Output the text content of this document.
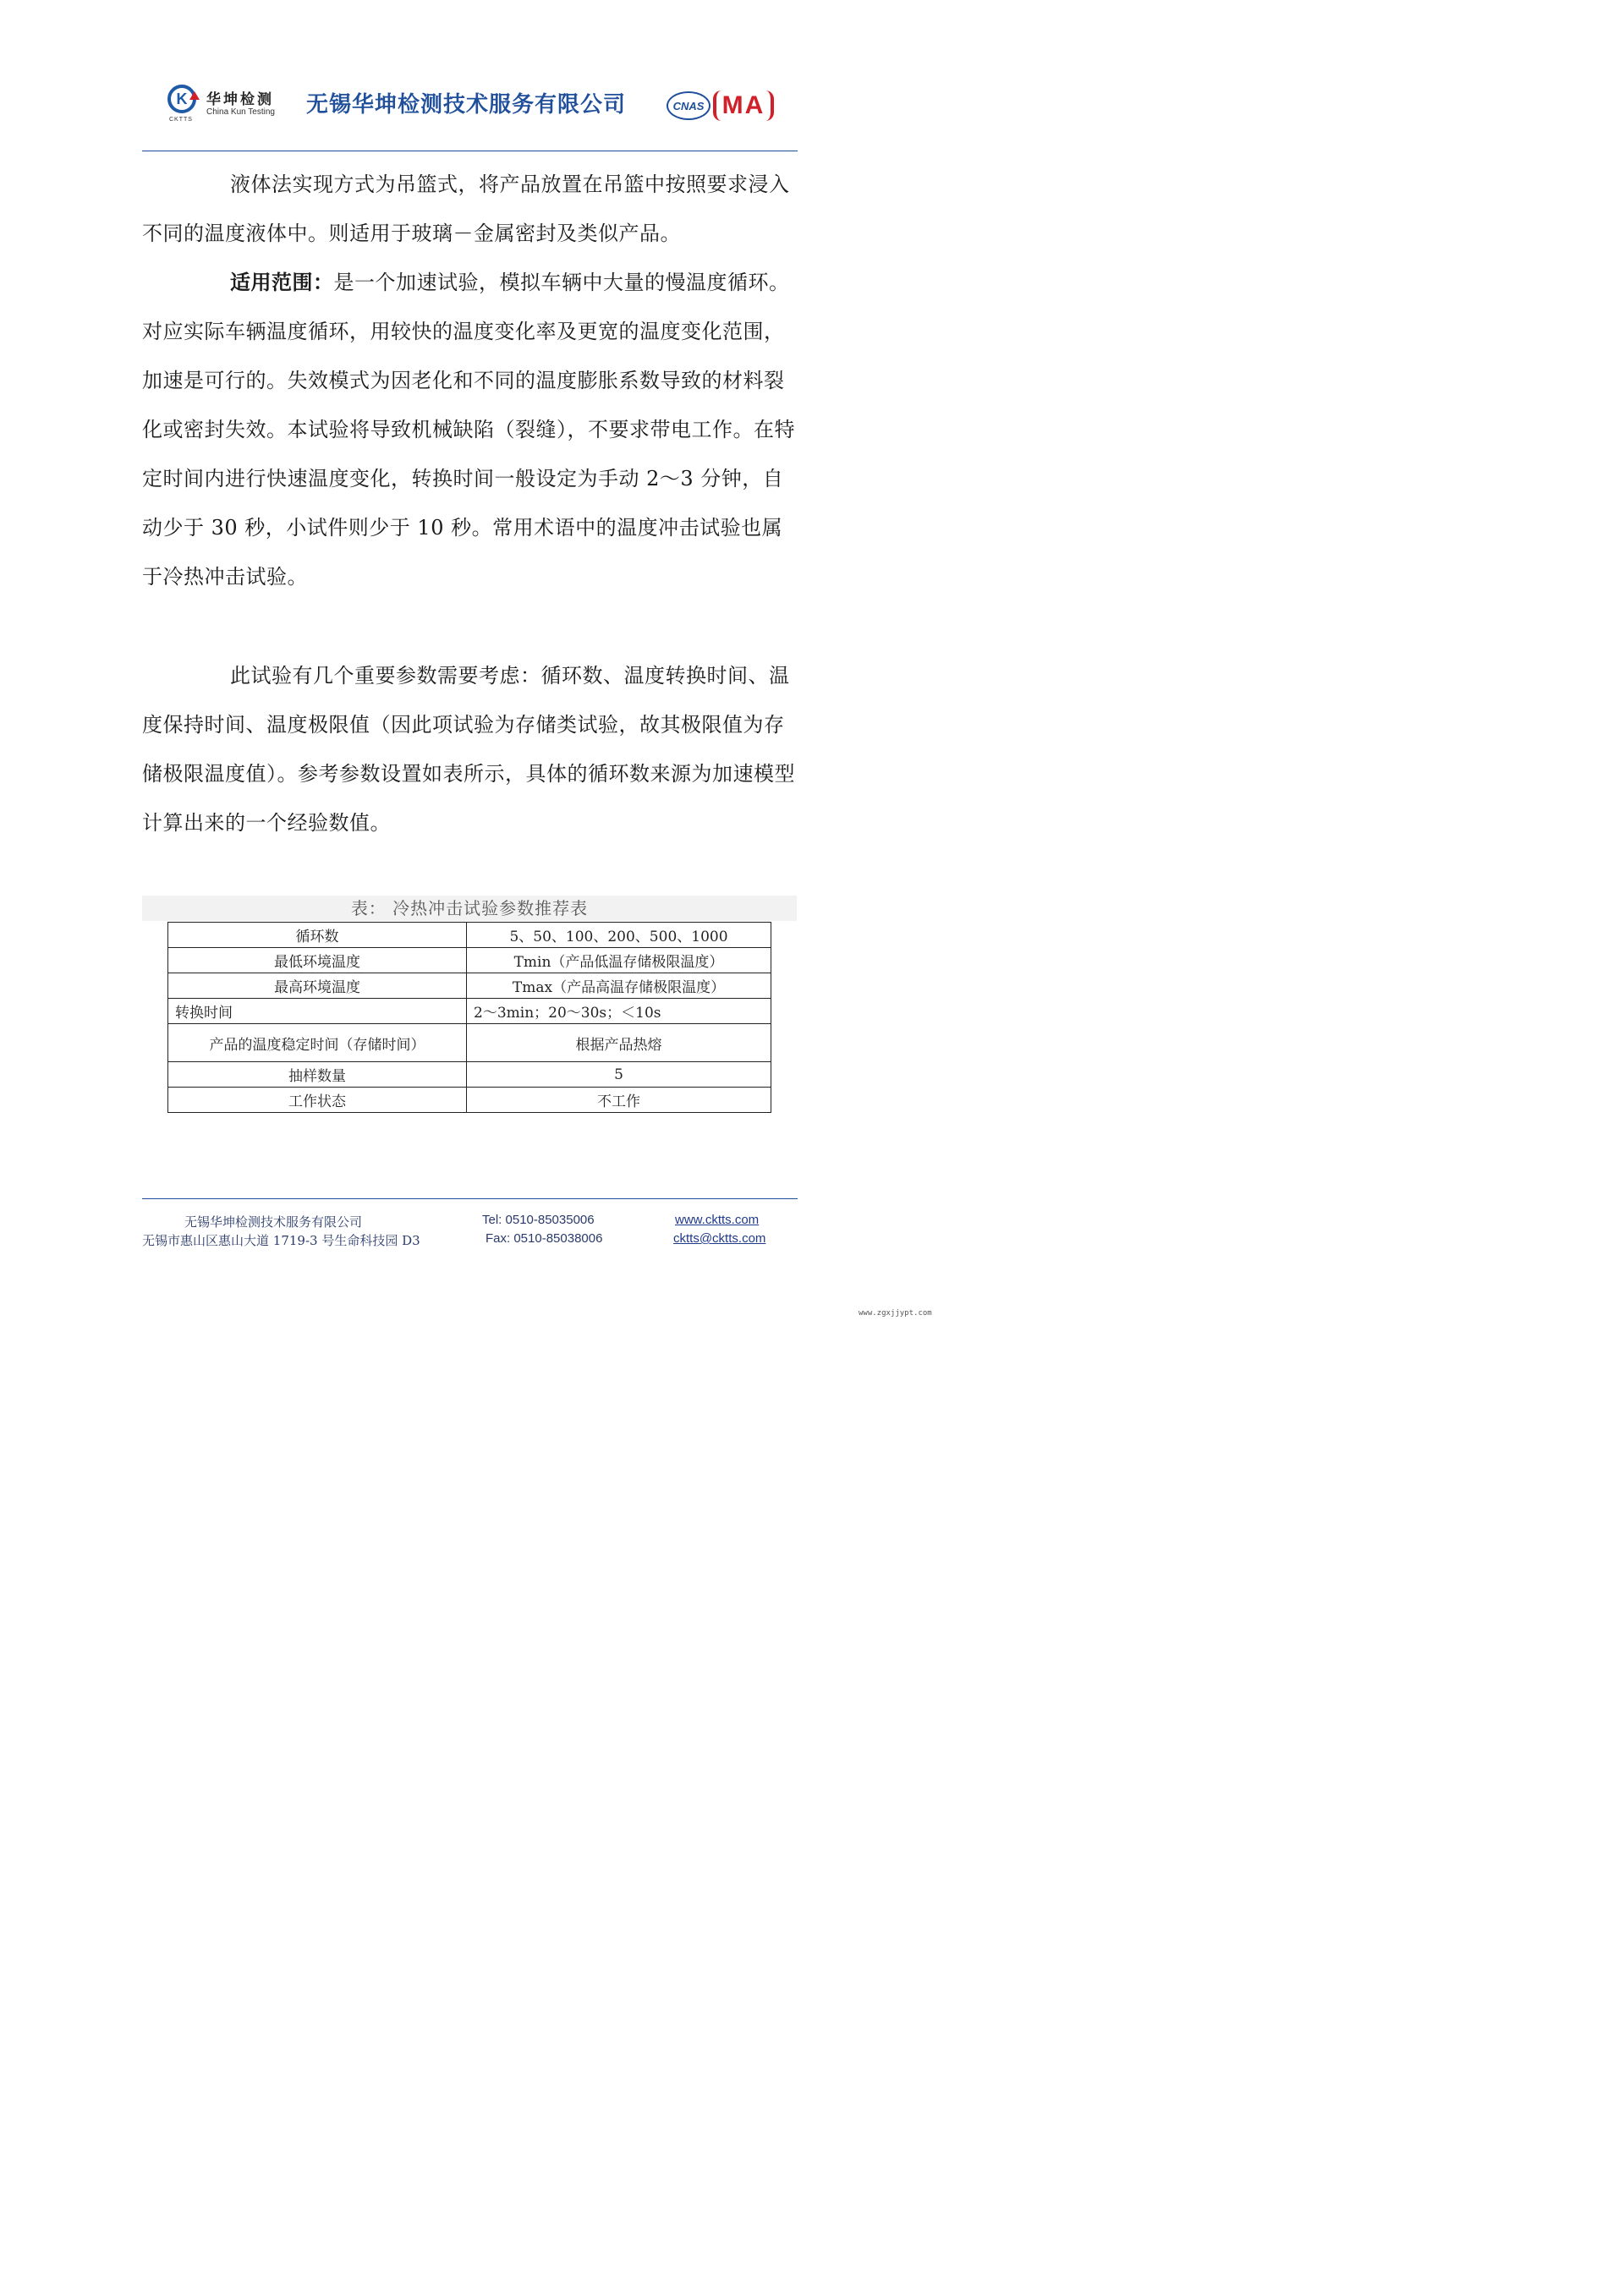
K 华坤检测
China Kun Testing
CKTTS
无锡华坤检测技术服务有限公司	CNAS MA
液体法实现方式为吊篮式，将产品放置在吊篮中按照要求浸入不同的温度液体中。则适用于玻璃－金属密封及类似产品。
适用范围：是一个加速试验，模拟车辆中大量的慢温度循环。对应实际车辆温度循环，用较快的温度变化率及更宽的温度变化范围，加速是可行的。失效模式为因老化和不同的温度膨胀系数导致的材料裂化或密封失效。本试验将导致机械缺陷（裂缝），不要求带电工作。在特定时间内进行快速温度变化，转换时间一般设定为手动 2～3 分钟，自动少于 30 秒，小试件则少于 10 秒。常用术语中的温度冲击试验也属于冷热冲击试验。
此试验有几个重要参数需要考虑：循环数、温度转换时间、温度保持时间、温度极限值（因此项试验为存储类试验，故其极限值为存储极限温度值）。参考参数设置如表所示，具体的循环数来源为加速模型计算出来的一个经验数值。
表： 冷热冲击试验参数推荐表
循环数	5、50、100、200、500、1000
最低环境温度	Tmin（产品低温存储极限温度）
最高环境温度	Tmax（产品高温存储极限温度）
转换时间	2～3min；20～30s；＜10s
产品的温度稳定时间（存储时间）	根据产品热熔
抽样数量	5
工作状态	不工作
无锡华坤检测技术服务有限公司
无锡市惠山区惠山大道 1719-3 号生命科技园 D3
Tel: 0510-85035006
Fax: 0510-85038006
www.cktts.com
cktts@cktts.com
www.zgxjjypt.com
